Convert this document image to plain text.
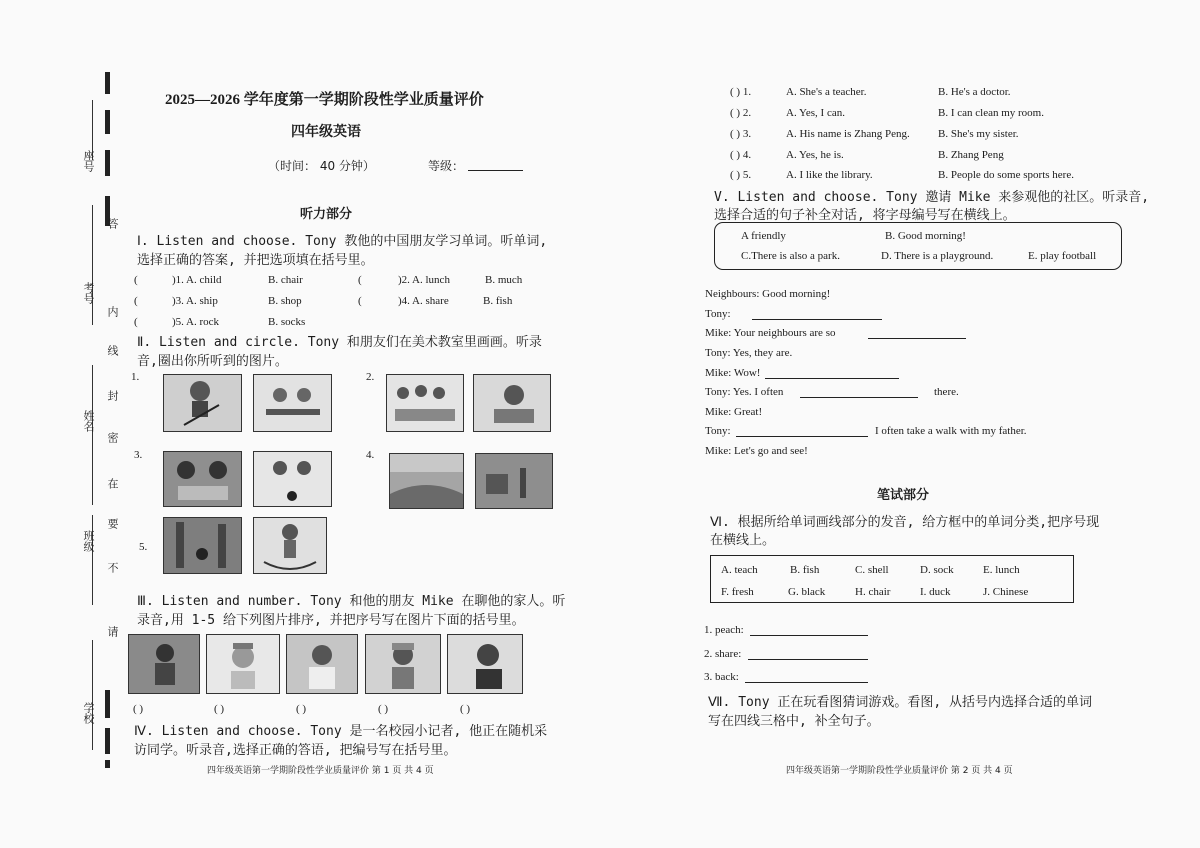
座号
考号
姓名
班级
学校
答
内
线
封
密
在
要
不
请
2025—2026 学年度第一学期阶段性学业质量评价
四年级英语
（时间： 40 分钟）	等级：
听力部分
Ⅰ. Listen and choose. Tony 教他的中国朋友学习单词。听单词,
选择正确的答案, 并把选项填在括号里。
(	)1. A. child	B. chair	(	)2. A. lunch	B. much
(	)3. A. ship	B. shop	(	)4. A. share	B. fish
(	)5. A. rock	B. socks
Ⅱ. Listen and circle. Tony 和朋友们在美术教室里画画。听录
音,圈出你所听到的图片。
1.	2.
3.	4.
5.
Ⅲ. Listen and number. Tony 和他的朋友 Mike 在聊他的家人。听
录音,用 1-5 给下列图片排序, 并把序号写在图片下面的括号里。
( )	( )	( )	( )	( )
Ⅳ. Listen and choose. Tony 是一名校园小记者, 他正在随机采
访同学。听录音,选择正确的答语, 把编号写在括号里。
四年级英语第一学期阶段性学业质量评价 第 1 页 共 4 页
( ) 1.	A. She's a teacher.	B. He's a doctor.
( ) 2.	A. Yes, I can.	B. I can clean my room.
( ) 3.	A. His name is Zhang Peng.	B. She's my sister.
( ) 4.	A. Yes, he is.	B. Zhang Peng
( ) 5.	A. I like the library.	B. People do some sports here.
V. Listen and choose. Tony 邀请 Mike 来参观他的社区。听录音,
选择合适的句子补全对话, 将字母编号写在横线上。
A friendly	B. Good morning!
C.There is also a park.	D. There is a playground.	E. play football
Neighbours: Good morning!
Tony:
Mike: Your neighbours are so
Tony: Yes, they are.
Mike: Wow!
Tony: Yes. I often	there.
Mike: Great!
Tony:	I often take a walk with my father.
Mike: Let's go and see!
笔试部分
Ⅵ. 根据所给单词画线部分的发音, 给方框中的单词分类,把序号现
在横线上。
A. teach	B. fish	C. shell	D. sock	E. lunch
F. fresh	G. black	H. chair	I. duck	J. Chinese
1. peach:
2. share:
3. back:
Ⅶ. Tony 正在玩看图猜词游戏。看图, 从括号内选择合适的单词
写在四线三格中, 补全句子。
四年级英语第一学期阶段性学业质量评价 第 2 页 共 4 页
